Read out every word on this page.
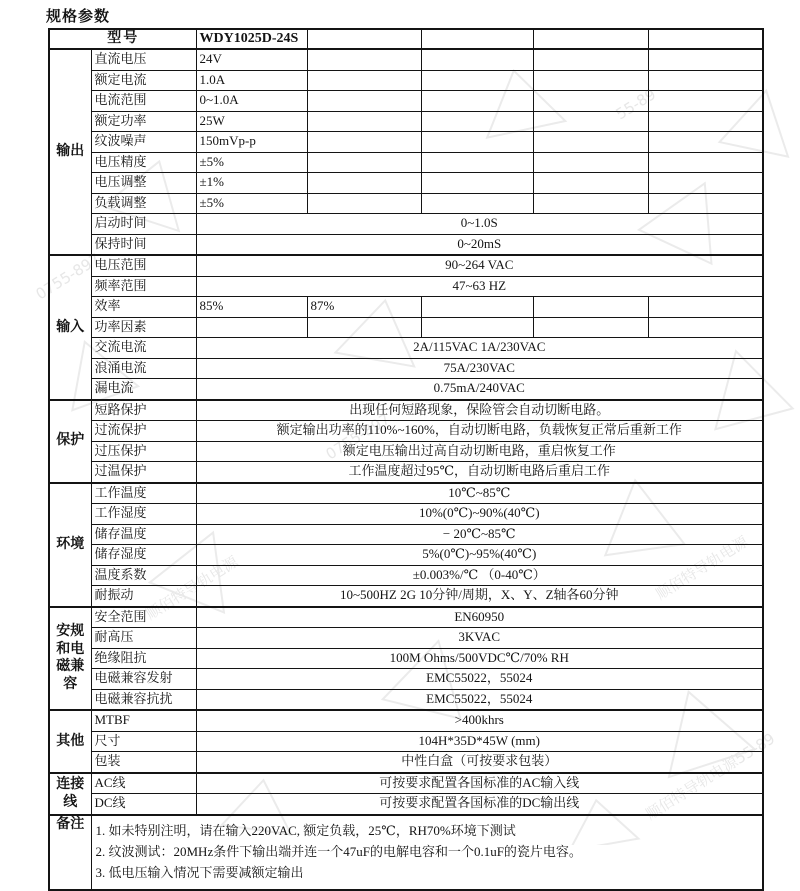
0755-897
55-89
顺佰特导轨电源	顺佰特导轨电源
0755-897
顺佰特导轨电源55-89
规格参数
型号		WDY1025D-24S				
输出	直流电压	24V				
	额定电流	1.0A				
	电流范围	0~1.0A				
	额定功率	25W				
	纹波噪声	150mVp-p				
	电压精度	±5%				
	电压调整	±1%				
	负载调整	±5%				
	启动时间	0~1.0S				
	保持时间	0~20mS				
输入	电压范围	90~264 VAC				
	频率范围	47~63 HZ				
	效率	85%	87%			
	功率因素					
	交流电流	2A/115VAC 1A/230VAC				
	浪涌电流	75A/230VAC				
	漏电流	0.75mA/240VAC				
保护	短路保护	出现任何短路现象，保险管会自动切断电路。				
	过流保护	额定输出功率的110%~160%，自动切断电路，负载恢复正常后重新工作				
	过压保护	额定电压输出过高自动切断电路，重启恢复工作				
	过温保护	工作温度超过95℃，自动切断电路后重启工作				
环境	工作温度	10℃~85℃				
	工作湿度	10%(0℃)~90%(40℃)				
	储存温度	− 20℃~85℃				
	储存湿度	5%(0℃)~95%(40℃)				
	温度系数	±0.003%/℃ （0-40℃）				
	耐振动	10~500HZ 2G 10分钟/周期，X、Y、Z轴各60分钟				
安规和电磁兼容	安全范围	EN60950				
	耐高压	3KVAC				
	绝缘阻抗	100M Ohms/500VDC℃/70% RH				
	电磁兼容发射	EMC55022，55024				
	电磁兼容抗扰	EMC55022，55024				
其他	MTBF	>400khrs				
	尺寸	104H*35D*45W (mm)				
	包装	中性白盒（可按要求包装）				
连接线	AC线	可按要求配置各国标准的AC输入线				
	DC线	可按要求配置各国标准的DC输出线				
备注	1. 如未特别注明，请在输入220VAC, 额定负载，25℃，RH70%环境下测试
2. 纹波测试：20MHz条件下输出端并连一个47uF的电解电容和一个0.1uF的瓷片电容。
3. 低电压输入情况下需要减额定输出					
